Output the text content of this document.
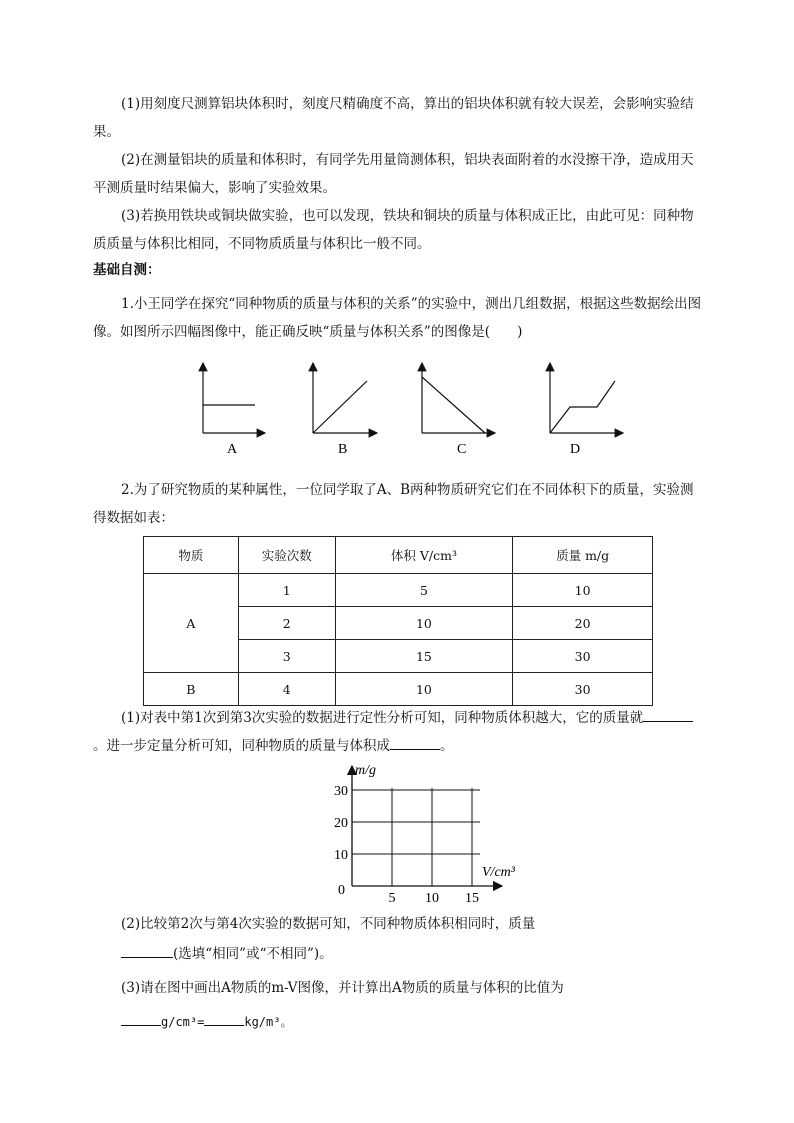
(1)用刻度尺测算铝块体积时，刻度尺精确度不高，算出的铝块体积就有较大误差，会影响实验结果。
(2)在测量铝块的质量和体积时，有同学先用量筒测体积，铝块表面附着的水没擦干净，造成用天平测质量时结果偏大，影响了实验效果。
(3)若换用铁块或铜块做实验，也可以发现，铁块和铜块的质量与体积成正比，由此可见：同种物质质量与体积比相同，不同物质质量与体积比一般不同。
基础自测：
1.小王同学在探究“同种物质的质量与体积的关系”的实验中，测出几组数据，根据这些数据绘出图像。如图所示四幅图像中，能正确反映“质量与体积关系”的图像是(　　)
A	B	C	D
2.为了研究物质的某种属性，一位同学取了A、B两种物质研究它们在不同体积下的质量，实验测得数据如表：
物质	实验次数	体积 V/cm³	质量 m/g
A	1	5	10
	2	10	20
	3	15	30
B	4	10	30
(1)对表中第1次到第3次实验的数据进行定性分析可知，同种物质体积越大，它的质量就。进一步定量分析可知，同种物质的质量与体积成	。
5 10 15
10
20
30
m/g
V/cm³
0
(2)比较第2次与第4次实验的数据可知，不同种物质体积相同时，质量
(选填“相同”或“不相同”)。
(3)请在图中画出A物质的m-V图像，并计算出A物质的质量与体积的比值为
g/cm³=	kg/m³。
